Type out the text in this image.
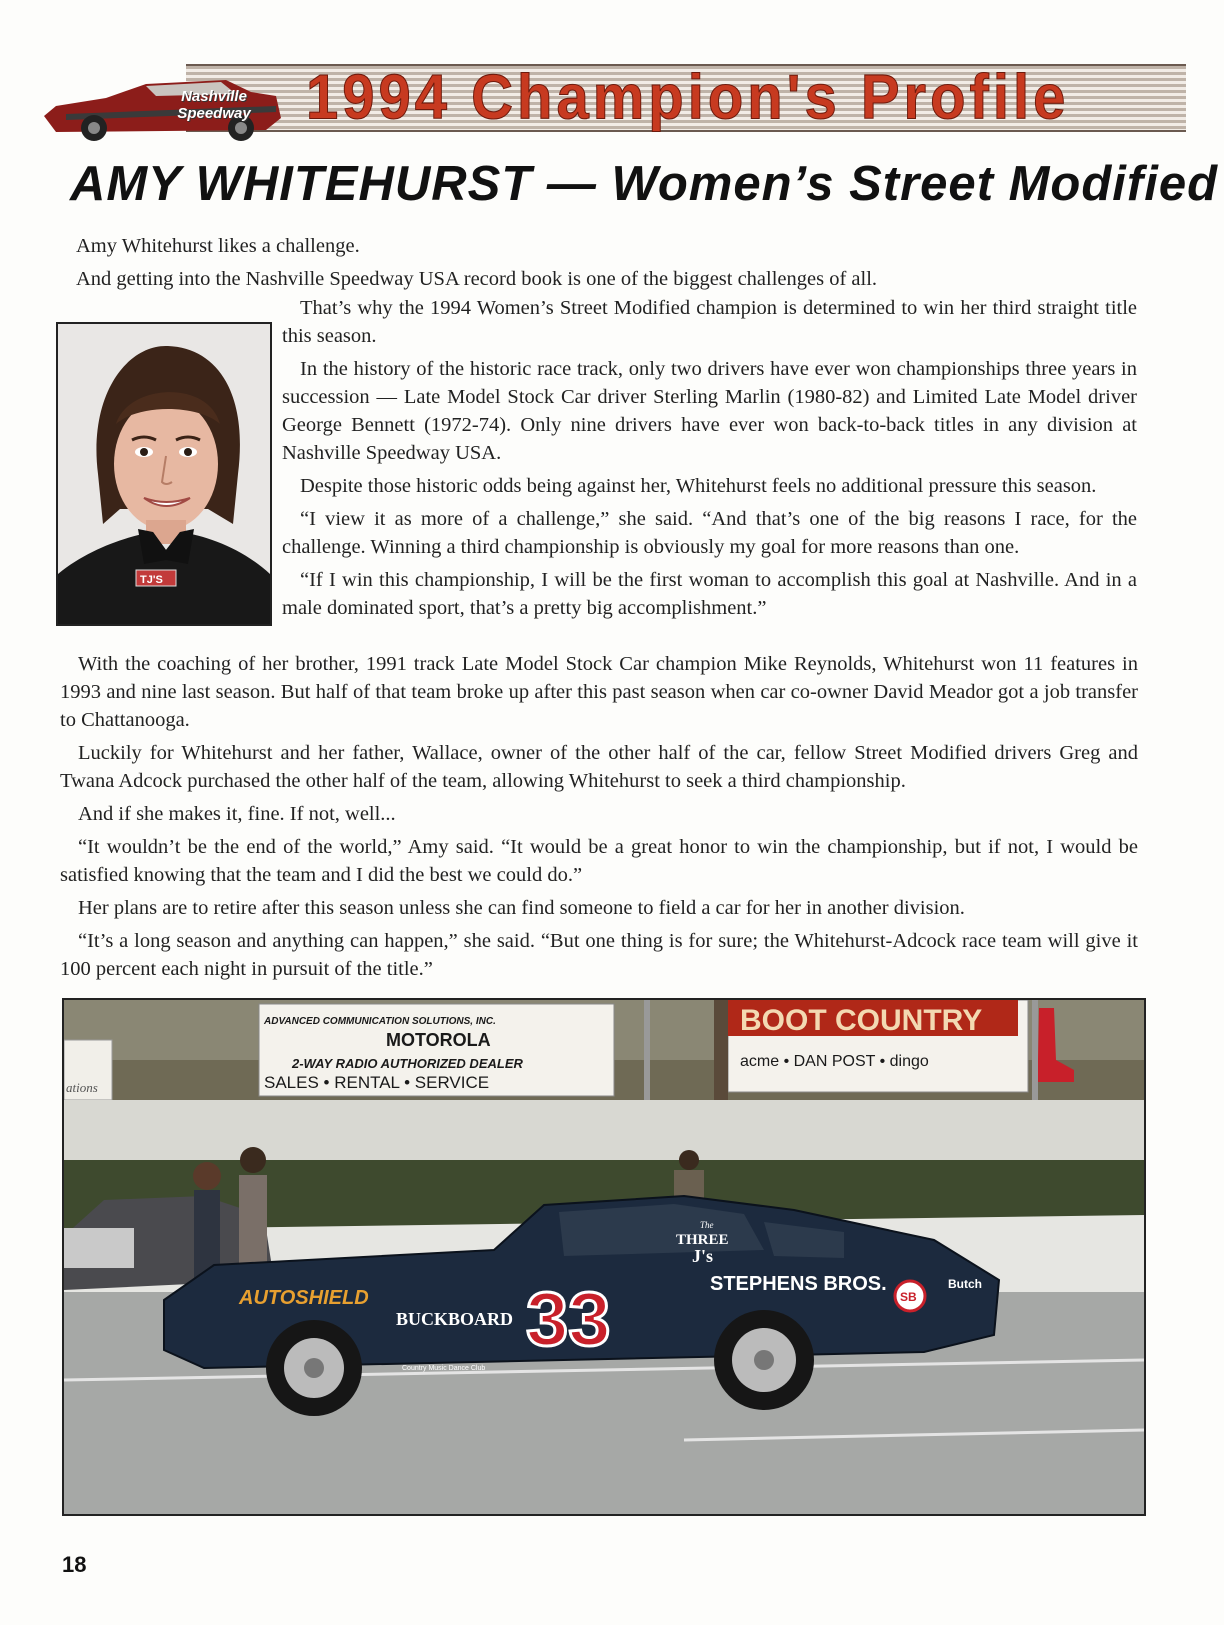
Nashville
Speedway 1994 Champion's Profile
AMY WHITEHURST — Women’s Street Modified

Amy Whitehurst likes a challenge.

And getting into the Nashville Speedway USA record book is one of the biggest challenges of all.

TJ'S

That’s why the 1994 Women’s Street Modified champion is determined to win her third straight title this season.

In the history of the historic race track, only two drivers have ever won championships three years in succession — Late Model Stock Car driver Sterling Marlin (1980-82) and Limited Late Model driver George Bennett (1972-74). Only nine drivers have ever won back-to-back titles in any division at Nashville Speedway USA.

Despite those historic odds being against her, Whitehurst feels no additional pressure this season.

“I view it as more of a challenge,” she said. “And that’s one of the big reasons I race, for the challenge. Winning a third championship is obviously my goal for more reasons than one.

“If I win this championship, I will be the first woman to accomplish this goal at Nashville. And in a male dominated sport, that’s a pretty big accomplishment.”

With the coaching of her brother, 1991 track Late Model Stock Car champion Mike Reynolds, Whitehurst won 11 features in 1993 and nine last season. But half of that team broke up after this past season when car co-owner David Meador got a job transfer to Chattanooga.

Luckily for Whitehurst and her father, Wallace, owner of the other half of the car, fellow Street Modified drivers Greg and Twana Adcock purchased the other half of the team, allowing Whitehurst to seek a third championship.

And if she makes it, fine. If not, well...

“It wouldn’t be the end of the world,” Amy said. “It would be a great honor to win the championship, but if not, I would be satisfied knowing that the team and I did the best we could do.”

Her plans are to retire after this season unless she can find someone to field a car for her in another division.

“It’s a long season and anything can happen,” she said. “But one thing is for sure; the Whitehurst-Adcock race team will give it 100 percent each night in pursuit of the title.”

ADVANCED COMMUNICATION SOLUTIONS, INC.
MOTOROLA
2-WAY RADIO AUTHORIZED DEALER
SALES • RENTAL • SERVICE
ations
BOOT COUNTRY
acme • DAN POST • dingo
AUTOSHIELD
BUCKBOARD
Country Music Dance Club
33	STEPHENS BROS.
SB
The
THREE
J's
Butch
18
